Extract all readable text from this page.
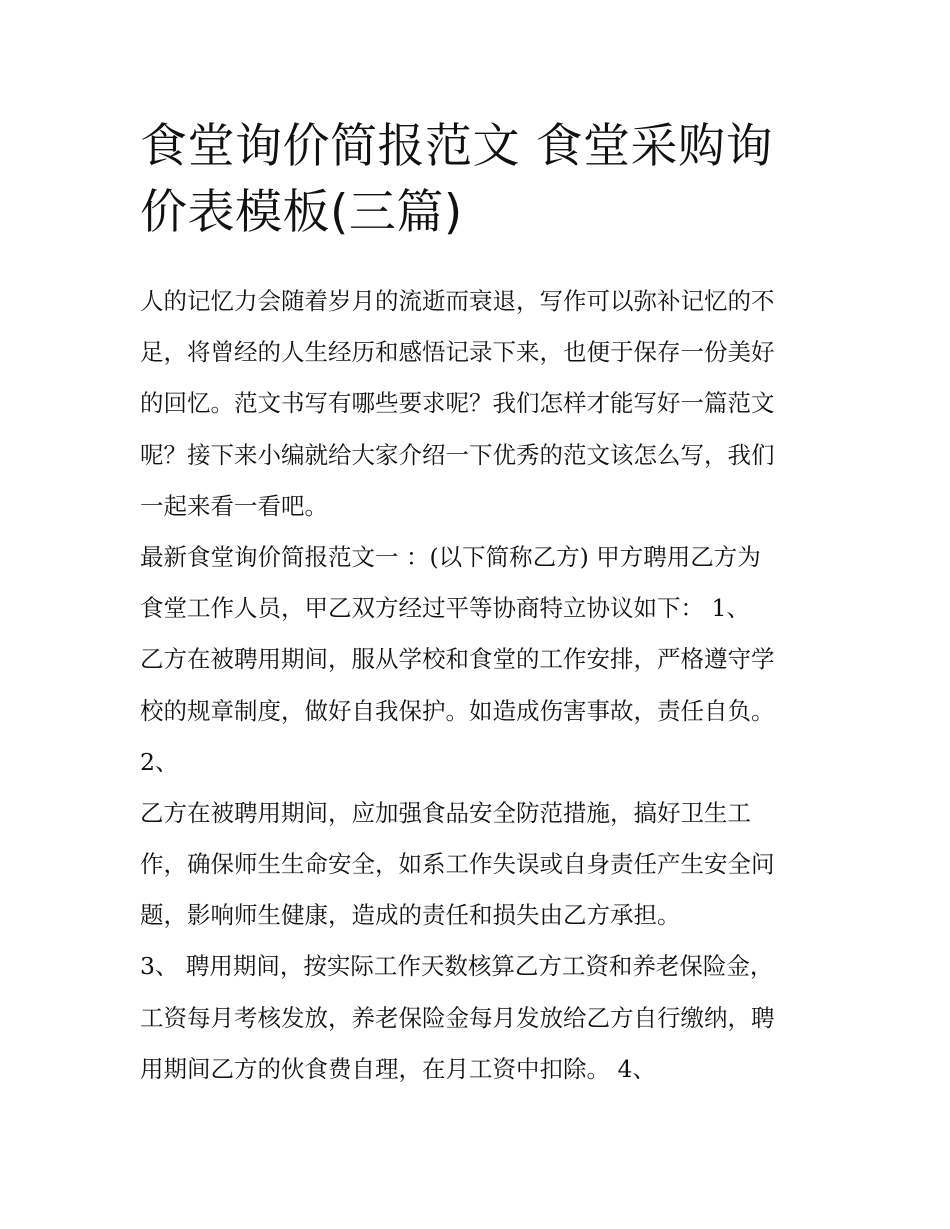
食堂询价简报范文 食堂采购询
价表模板(三篇)
人的记忆力会随着岁月的流逝而衰退，写作可以弥补记忆的不
足，将曾经的人生经历和感悟记录下来，也便于保存一份美好
的回忆。范文书写有哪些要求呢？我们怎样才能写好一篇范文
呢？接下来小编就给大家介绍一下优秀的范文该怎么写，我们
一起来看一看吧。
最新食堂询价简报范文一 ：(以下简称乙方) 甲方聘用乙方为
食堂工作人员，甲乙双方经过平等协商特立协议如下： 1、
乙方在被聘用期间，服从学校和食堂的工作安排，严格遵守学
校的规章制度，做好自我保护。如造成伤害事故，责任自负。
2、
乙方在被聘用期间，应加强食品安全防范措施，搞好卫生工
作，确保师生生命安全，如系工作失误或自身责任产生安全问
题，影响师生健康，造成的责任和损失由乙方承担。
3、 聘用期间，按实际工作天数核算乙方工资和养老保险金，
工资每月考核发放，养老保险金每月发放给乙方自行缴纳，聘
用期间乙方的伙食费自理，在月工资中扣除。 4、
